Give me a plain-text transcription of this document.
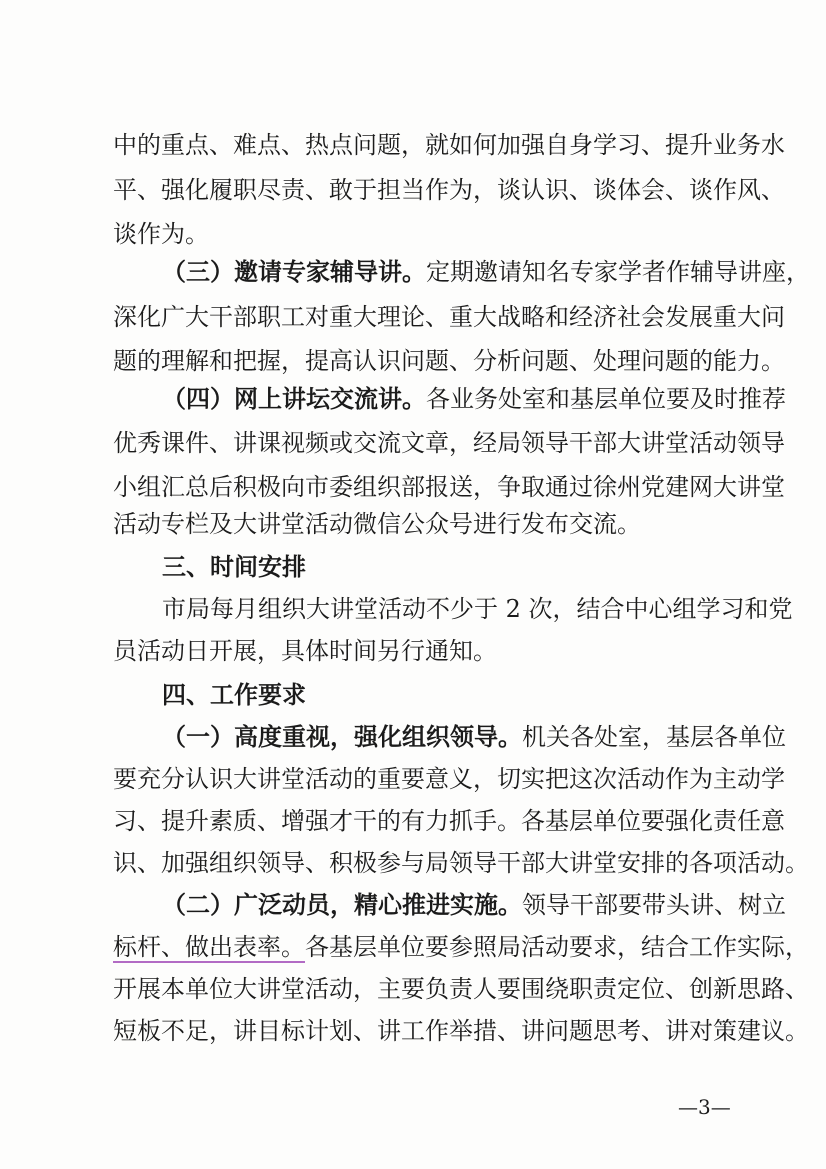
中的重点、难点、热点问题，就如何加强自身学习、提升业务水
平、强化履职尽责、敢于担当作为，谈认识、谈体会、谈作风、
谈作为。
（三）邀请专家辅导讲。定期邀请知名专家学者作辅导讲座，
深化广大干部职工对重大理论、重大战略和经济社会发展重大问
题的理解和把握，提高认识问题、分析问题、处理问题的能力。
（四）网上讲坛交流讲。各业务处室和基层单位要及时推荐
优秀课件、讲课视频或交流文章，经局领导干部大讲堂活动领导
小组汇总后积极向市委组织部报送，争取通过徐州党建网大讲堂
活动专栏及大讲堂活动微信公众号进行发布交流。
三、时间安排
市局每月组织大讲堂活动不少于 2 次，结合中心组学习和党
员活动日开展，具体时间另行通知。
四、工作要求
（一）高度重视，强化组织领导。机关各处室，基层各单位
要充分认识大讲堂活动的重要意义，切实把这次活动作为主动学
习、提升素质、增强才干的有力抓手。各基层单位要强化责任意
识、加强组织领导、积极参与局领导干部大讲堂安排的各项活动。
（二）广泛动员，精心推进实施。领导干部要带头讲、树立
标杆、做出表率。各基层单位要参照局活动要求，结合工作实际，
开展本单位大讲堂活动，主要负责人要围绕职责定位、创新思路、
短板不足，讲目标计划、讲工作举措、讲问题思考、讲对策建议。
—3—
